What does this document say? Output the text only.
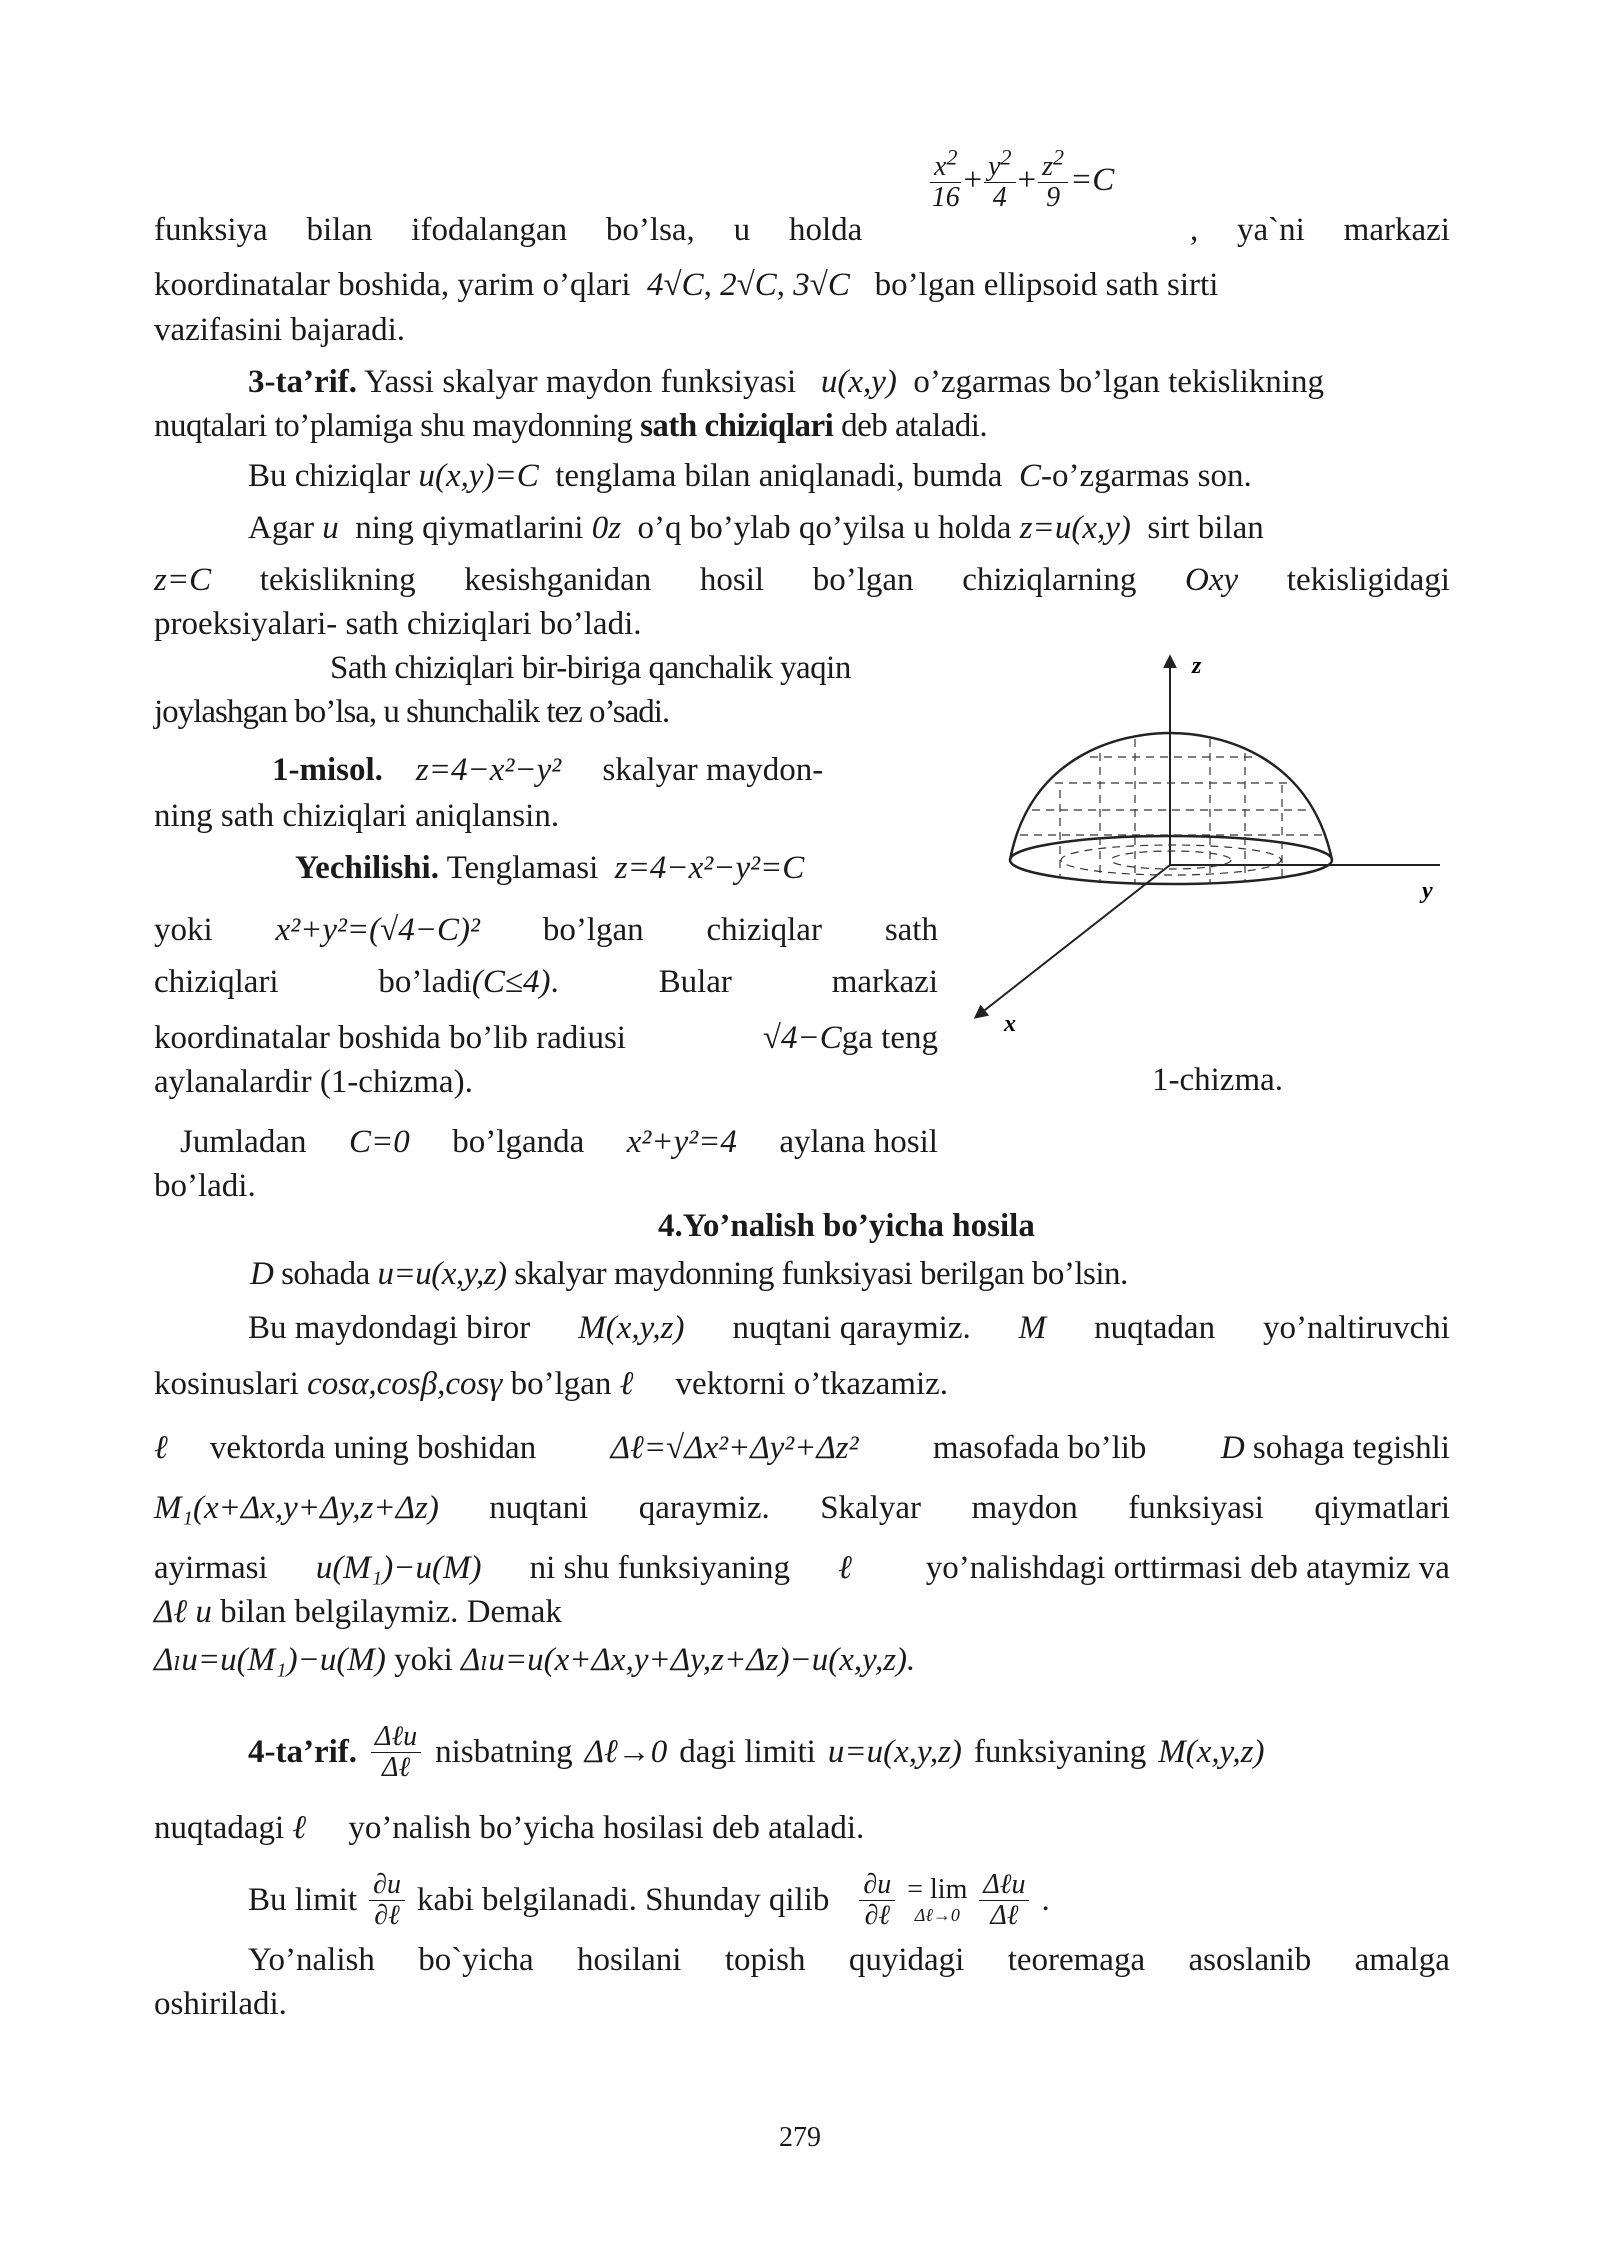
$\frac{x^2}{16} + \frac{y^2}{4} + \frac{z^2}{9} =C$
funksiya bilan ifodalangan bo’lsa, u holda	, ya`ni markazi
koordinatalar boshida, yarim o’qlari 4√C, 2√C, 3√C bo’lgan ellipsoid sath sirti
vazifasini bajaradi.
3-ta’rif. Yassi skalyar maydon funksiyasi u(x,y) o’zgarmas bo’lgan tekislikning
nuqtalari to’plamiga shu maydonning sath chiziqlari deb ataladi.
Bu chiziqlar u(x,y)=C tenglama bilan aniqlanadi, bumda C-o’zgarmas son.
Agar u ning qiymatlarini 0z o’q bo’ylab qo’yilsa u holda z=u(x,y) sirt bilan
z=C tekislikning kesishganidan hosil bo’lgan chiziqlarning Oxy tekisligidagi
proeksiyalari- sath chiziqlari bo’ladi.
Sath chiziqlari bir-biriga qanchalik yaqin
joylashgan bo’lsa, u shunchalik tez o’sadi.
1-misol. z=4−x²−y² skalyar maydon-
ning sath chiziqlari aniqlansin.
Yechilishi. Tenglamasi z=4−x²−y²=C
yoki x²+y²=(√4−C)² bo’lgan chiziqlar sath
chiziqlari	bo’ladi(C≤4).	Bular	markazi
koordinatalar boshida bo’lib radiusi	√4−Cga teng
aylanalardir (1-chizma).
Jumladan C=0 bo’lganda x²+y²=4 aylana hosil
bo’ladi.
z
y
x
1-chizma.
4.Yo’nalish bo’yicha hosila
D sohada u=u(x,y,z) skalyar maydonning funksiyasi berilgan bo’lsin.
Bu maydondagi biror M(x,y,z) nuqtani qaraymiz. M nuqtadan yo’naltiruvchi
kosinuslari cosα,cosβ,cosγ bo’lgan ℓ⃗ vektorni o’tkazamiz.
ℓ⃗ vektorda uning boshidan Δℓ=√Δx²+Δy²+Δz² masofada bo’lib D sohaga tegishli
M₁(x+Δx,y+Δy,z+Δz) nuqtani qaraymiz. Skalyar maydon funksiyasi qiymatlari
ayirmasi u(M₁)−u(M) ni shu funksiyaning ℓ⃗ yo’nalishdagi orttirmasi deb ataymiz va
Δℓ u bilan belgilaymiz. Demak
Δₗu=u(M₁)−u(M) yoki Δₗu=u(x+Δx,y+Δy,z+Δz)−u(x,y,z).
4-ta’rif. $\frac{\text{Δℓu}}{\text{Δℓ}}$ nisbatning Δℓ→0 dagi limiti u=u(x,y,z) funksiyaning M(x,y,z)
nuqtadagi ℓ⃗ yo’nalish bo’yicha hosilasi deb ataladi.
Bu limit $\frac{\partial u}{\text{∂ℓ}}$ kabi belgilanadi. Shunday qilib $\frac{\partial u}{\text{∂ℓ}} = \lim$
Δℓ→0 $\frac{\text{Δℓu}}{\text{Δℓ}}$ .
Yo’nalish bo`yicha hosilani topish quyidagi teoremaga asoslanib amalga
oshiriladi.
279
